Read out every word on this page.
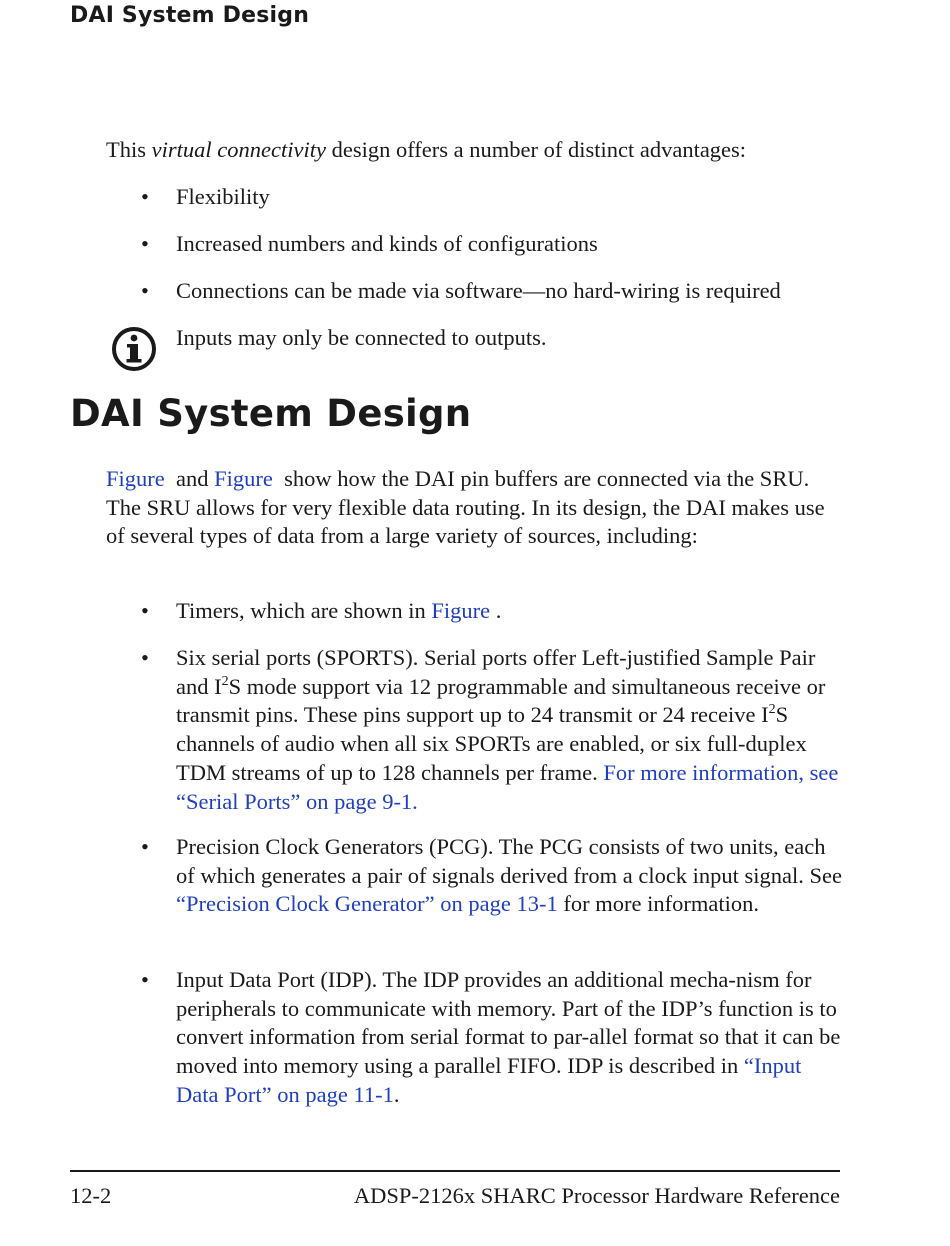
DAI System Design

This virtual connectivity design offers a number of distinct advantages:

•	Flexibility

•	Increased numbers and kinds of configurations

•	Connections can be made via software—no hard-wiring is required

Inputs may only be connected to outputs.

DAI System Design

Figure  and Figure  show how the DAI pin buffers are connected via the SRU. The SRU allows for very flexible data routing. In its design, the DAI makes use of several types of data from a large variety of sources, including:

•	Timers, which are shown in Figure .

•	Six serial ports (SPORTS). Serial ports offer Left-justified Sample Pair and $I^2S$ mode support via 12 programmable and simultaneous receive or transmit pins. These pins support up to 24 transmit or 24 receive $I^2S$ channels of audio when all six SPORTs are enabled, or six full-duplex TDM streams of up to 128 channels per frame. For more information, see “Serial Ports” on page 9-1.

•	Precision Clock Generators (PCG). The PCG consists of two units, each of which generates a pair of signals derived from a clock input signal. See “Precision Clock Generator” on page 13-1 for more information.

•	Input Data Port (IDP). The IDP provides an additional mecha-nism for peripherals to communicate with memory. Part of the IDP’s function is to convert information from serial format to par-allel format so that it can be moved into memory using a parallel FIFO. IDP is described in “Input Data Port” on page 11-1.

12-2	ADSP-2126x SHARC Processor Hardware Reference
